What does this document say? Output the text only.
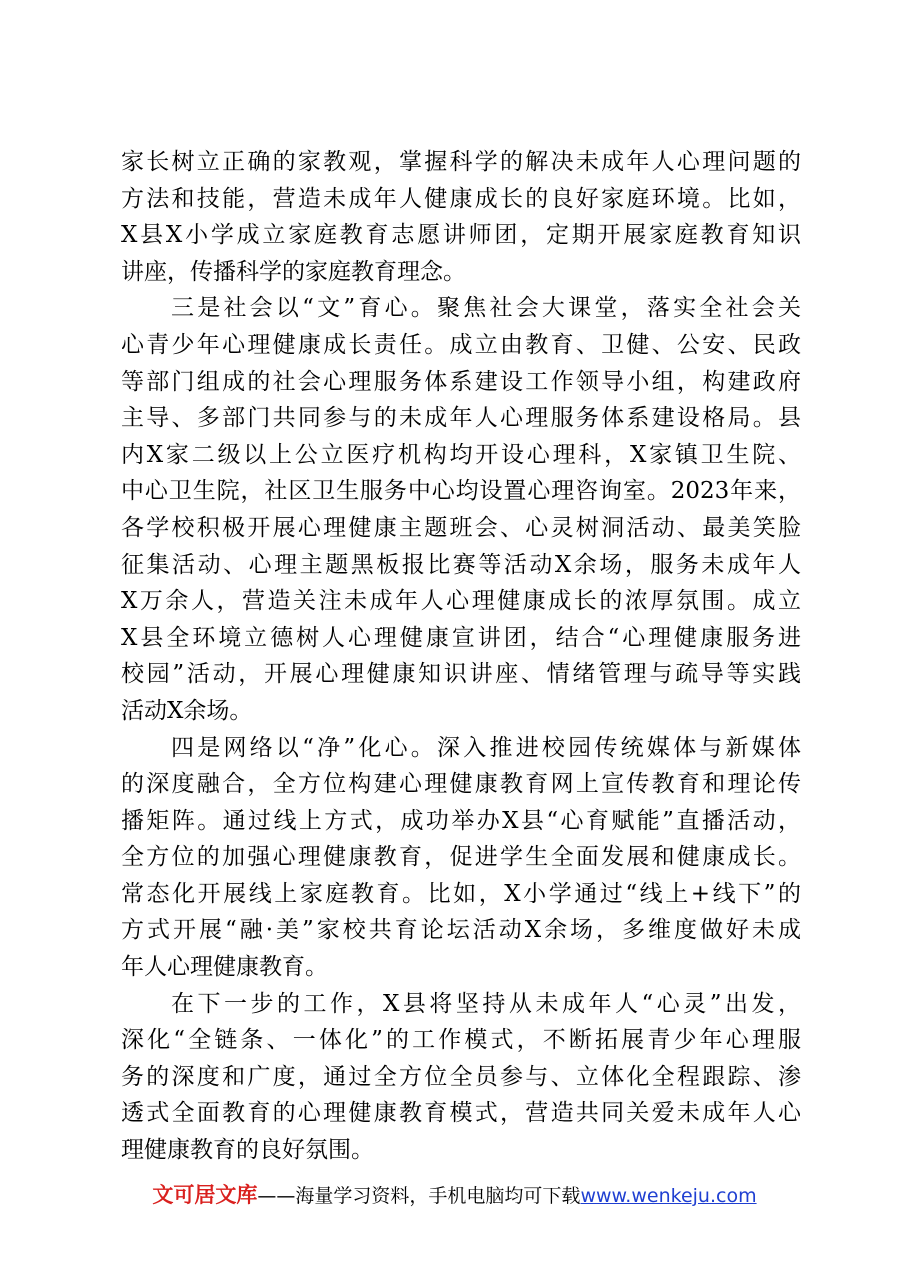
家长树立正确的家教观，掌握科学的解决未成年人心理问题的
方法和技能，营造未成年人健康成长的良好家庭环境。比如，
X县X小学成立家庭教育志愿讲师团，定期开展家庭教育知识
讲座，传播科学的家庭教育理念。
三是社会以“文”育心。聚焦社会大课堂，落实全社会关
心青少年心理健康成长责任。成立由教育、卫健、公安、民政
等部门组成的社会心理服务体系建设工作领导小组，构建政府
主导、多部门共同参与的未成年人心理服务体系建设格局。县
内X家二级以上公立医疗机构均开设心理科，X家镇卫生院、
中心卫生院，社区卫生服务中心均设置心理咨询室。2023年来，
各学校积极开展心理健康主题班会、心灵树洞活动、最美笑脸
征集活动、心理主题黑板报比赛等活动X余场，服务未成年人
X万余人，营造关注未成年人心理健康成长的浓厚氛围。成立
X县全环境立德树人心理健康宣讲团，结合“心理健康服务进
校园”活动，开展心理健康知识讲座、情绪管理与疏导等实践
活动X余场。
四是网络以“净”化心。深入推进校园传统媒体与新媒体
的深度融合，全方位构建心理健康教育网上宣传教育和理论传
播矩阵。通过线上方式，成功举办X县“心育赋能”直播活动，
全方位的加强心理健康教育，促进学生全面发展和健康成长。
常态化开展线上家庭教育。比如，X小学通过“线上+线下”的
方式开展“融·美”家校共育论坛活动X余场，多维度做好未成
年人心理健康教育。
在下一步的工作，X县将坚持从未成年人“心灵”出发，
深化“全链条、一体化”的工作模式，不断拓展青少年心理服
务的深度和广度，通过全方位全员参与、立体化全程跟踪、渗
透式全面教育的心理健康教育模式，营造共同关爱未成年人心
理健康教育的良好氛围。
文可居文库——海量学习资料，手机电脑均可下载www.wenkeju.com
